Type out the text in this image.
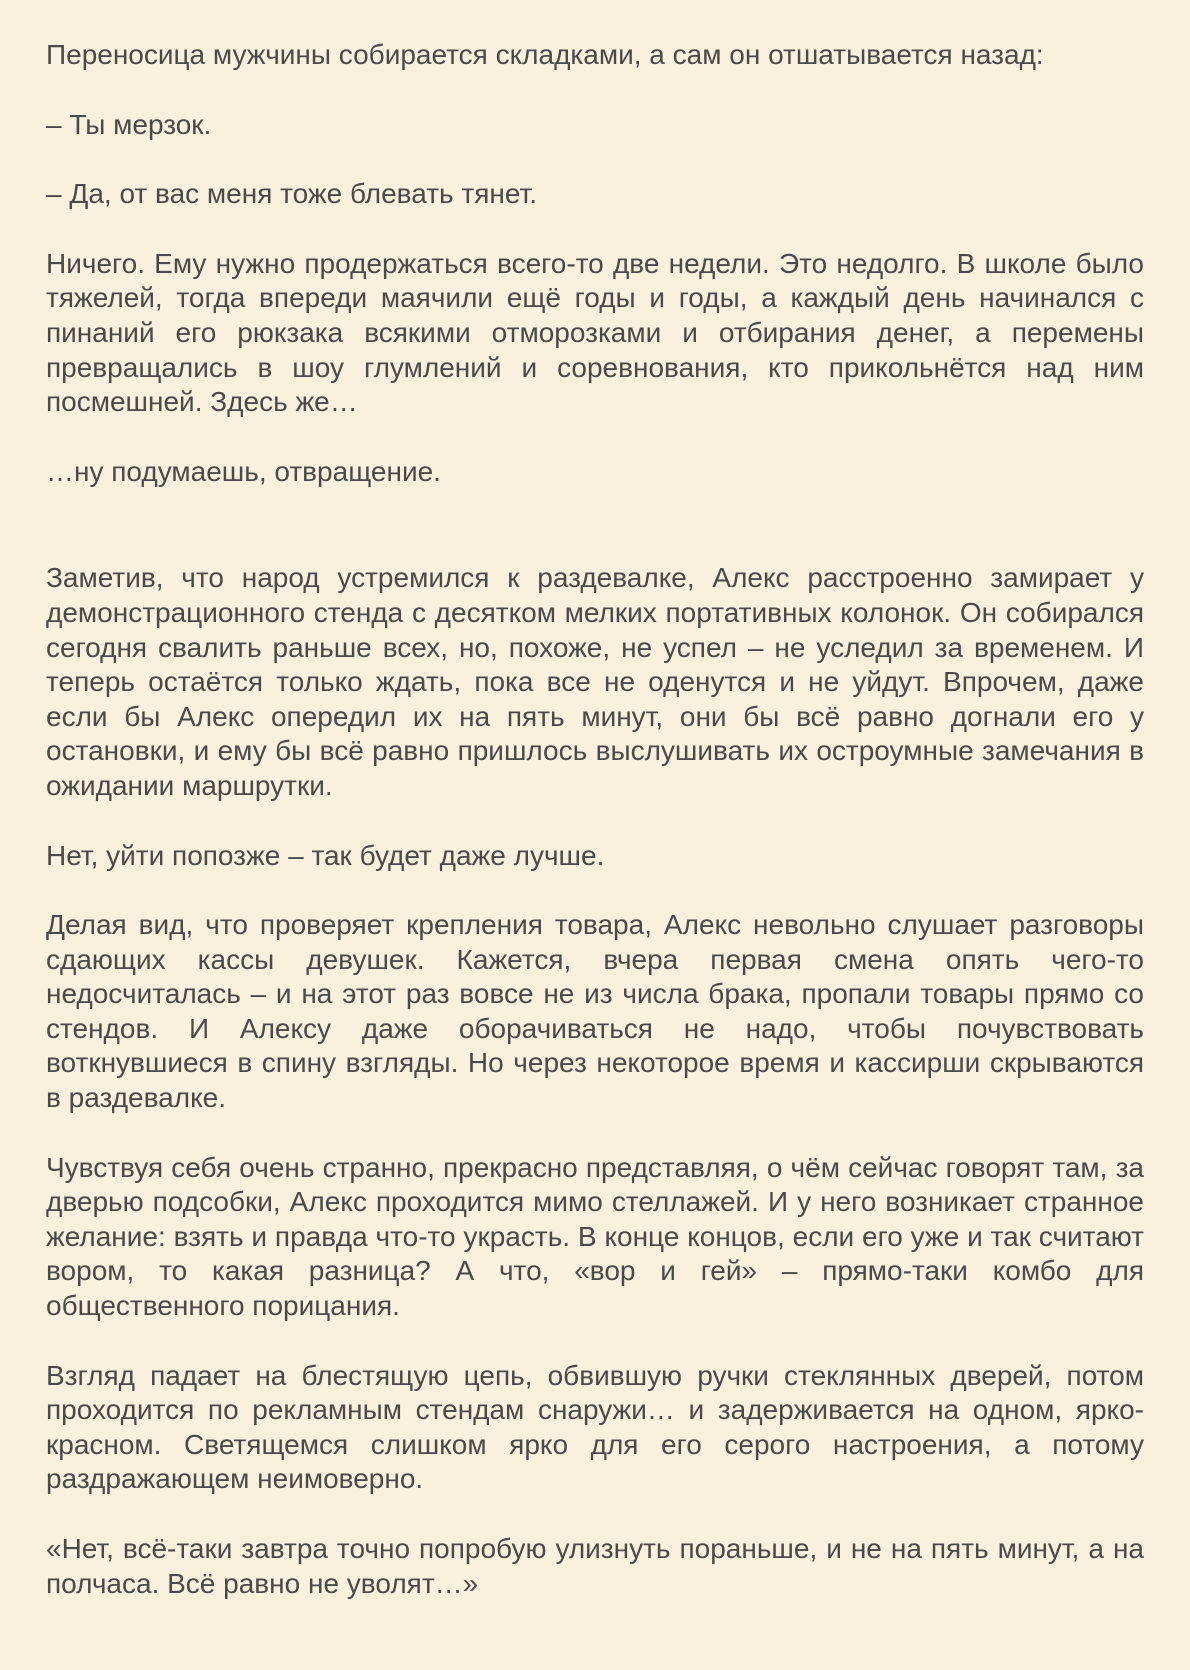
Переносица мужчины собирается складками, а сам он отшатывается назад:

– Ты мерзок.

– Да, от вас меня тоже блевать тянет.

Ничего. Ему нужно продержаться всего-то две недели. Это недолго. В школе было тяжелей, тогда впереди маячили ещё годы и годы, а каждый день начинался с пинаний его рюкзака всякими отморозками и отбирания денег, а перемены превращались в шоу глумлений и соревнования, кто прикольнётся над ним посмешней. Здесь же…

…ну подумаешь, отвращение.

Заметив, что народ устремился к раздевалке, Алекс расстроенно замирает у демонстрационного стенда с десятком мелких портативных колонок. Он собирался сегодня свалить раньше всех, но, похоже, не успел – не уследил за временем. И теперь остаётся только ждать, пока все не оденутся и не уйдут. Впрочем, даже если бы Алекс опередил их на пять минут, они бы всё равно догнали его у остановки, и ему бы всё равно пришлось выслушивать их остроумные замечания в ожидании маршрутки.

Нет, уйти попозже – так будет даже лучше.

Делая вид, что проверяет крепления товара, Алекс невольно слушает разговоры сдающих кассы девушек. Кажется, вчера первая смена опять чего-то недосчиталась – и на этот раз вовсе не из числа брака, пропали товары прямо со стендов. И Алексу даже оборачиваться не надо, чтобы почувствовать воткнувшиеся в спину взгляды. Но через некоторое время и кассирши скрываются в раздевалке.

Чувствуя себя очень странно, прекрасно представляя, о чём сейчас говорят там, за дверью подсобки, Алекс проходится мимо стеллажей. И у него возникает странное желание: взять и правда что-то украсть. В конце концов, если его уже и так считают вором, то какая разница? А что, «вор и гей» – прямо-таки комбо для общественного порицания.

Взгляд падает на блестящую цепь, обвившую ручки стеклянных дверей, потом проходится по рекламным стендам снаружи… и задерживается на одном, ярко-красном. Светящемся слишком ярко для его серого настроения, а потому раздражающем неимоверно.

«Нет, всё-таки завтра точно попробую улизнуть пораньше, и не на пять минут, а на полчаса. Всё равно не уволят…»
